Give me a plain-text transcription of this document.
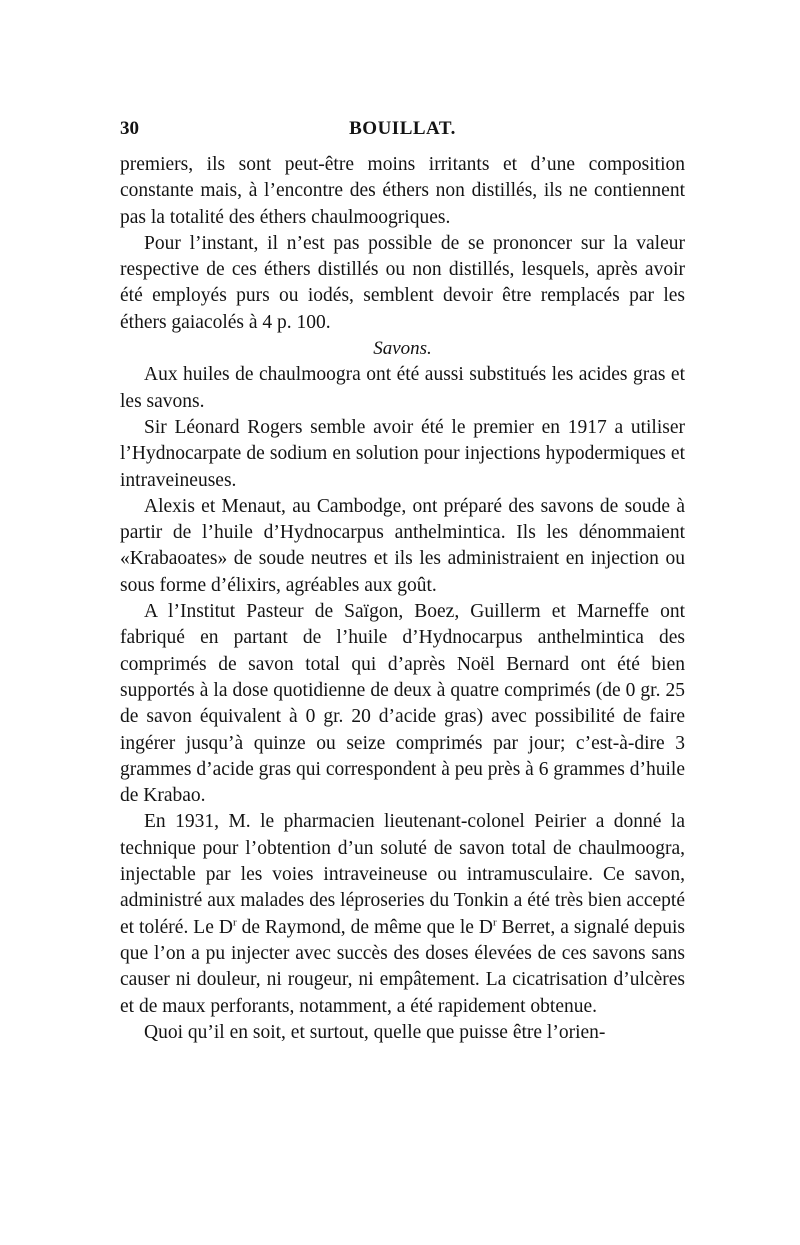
30	BOUILLAT.

premiers, ils sont peut-être moins irritants et d’une composition constante mais, à l’encontre des éthers non distillés, ils ne contiennent pas la totalité des éthers chaulmoogriques.

Pour l’instant, il n’est pas possible de se prononcer sur la valeur respective de ces éthers distillés ou non distillés, lesquels, après avoir été employés purs ou iodés, semblent devoir être remplacés par les éthers gaiacolés à 4 p. 100.

Savons.

Aux huiles de chaulmoogra ont été aussi substitués les acides gras et les savons.

Sir Léonard Rogers semble avoir été le premier en 1917 a utiliser l’Hydnocarpate de sodium en solution pour injections hypodermiques et intraveineuses.

Alexis et Menaut, au Cambodge, ont préparé des savons de soude à partir de l’huile d’Hydnocarpus anthelmintica. Ils les dénommaient «Krabaoates» de soude neutres et ils les administraient en injection ou sous forme d’élixirs, agréables aux goût.

A l’Institut Pasteur de Saïgon, Boez, Guillerm et Marneffe ont fabriqué en partant de l’huile d’Hydnocarpus anthelmintica des comprimés de savon total qui d’après Noël Bernard ont été bien supportés à la dose quotidienne de deux à quatre comprimés (de 0 gr. 25 de savon équivalent à 0 gr. 20 d’acide gras) avec possibilité de faire ingérer jusqu’à quinze ou seize comprimés par jour; c’est-à-dire 3 grammes d’acide gras qui correspondent à peu près à 6 grammes d’huile de Krabao.

En 1931, M. le pharmacien lieutenant-colonel Peirier a donné la technique pour l’obtention d’un soluté de savon total de chaulmoogra, injectable par les voies intraveineuse ou intramusculaire. Ce savon, administré aux malades des léproseries du Tonkin a été très bien accepté et toléré. Le $D^r$ de Raymond, de même que le $D^r$ Berret, a signalé depuis que l’on a pu injecter avec succès des doses élevées de ces savons sans causer ni douleur, ni rougeur, ni empâtement. La cicatrisation d’ulcères et de maux perforants, notamment, a été rapidement obtenue.

Quoi qu’il en soit, et surtout, quelle que puisse être l’orien-
